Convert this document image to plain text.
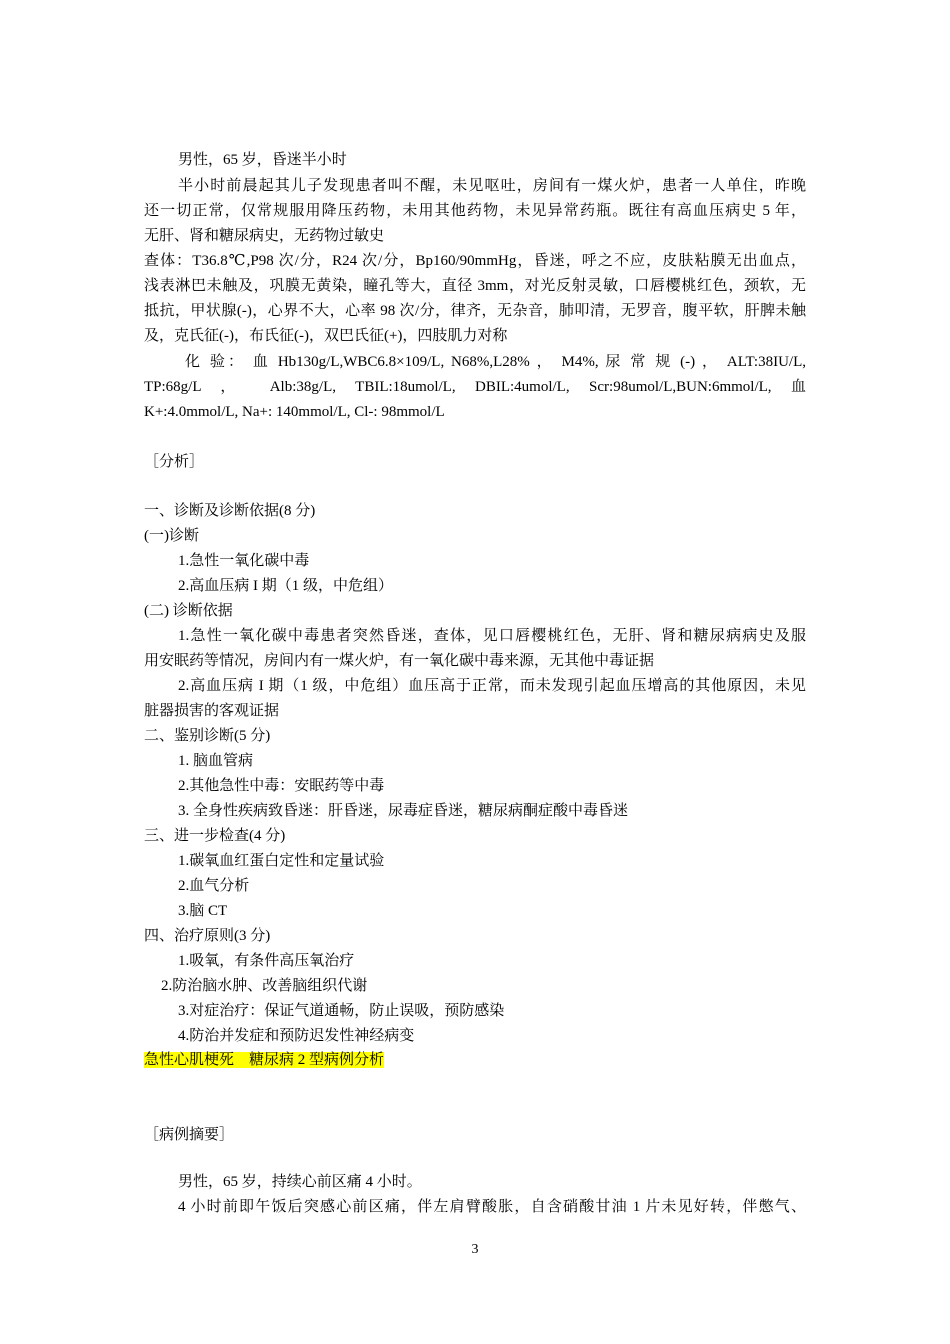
男性，65 岁，昏迷半小时
半小时前晨起其儿子发现患者叫不醒，未见呕吐，房间有一煤火炉，患者一人单住，昨晚
还一切正常，仅常规服用降压药物，未用其他药物，未见异常药瓶。既往有高血压病史 5 年，
无肝、肾和糖尿病史，无药物过敏史
查体：T36.8℃,P98 次/分，R24 次/分，Bp160/90mmHg，昏迷，呼之不应，皮肤粘膜无出血点，
浅表淋巴未触及，巩膜无黄染，瞳孔等大，直径 3mm，对光反射灵敏，口唇樱桃红色，颈软，无
抵抗，甲状腺(-)，心界不大，心率 98 次/分，律齐，无杂音，肺叩清，无罗音，腹平软，肝脾未触
及，克氏征(-)，布氏征(-)，双巴氏征(+)，四肢肌力对称
化 验： 血 Hb130g/L,WBC6.8×109/L, N68%,L28% ， M4%, 尿 常 规 (-) ， ALT:38IU/L,
TP:68g/L ， Alb:38g/L, TBIL:18umol/L, DBIL:4umol/L, Scr:98umol/L,BUN:6mmol/L, 血
K+:4.0mmol/L, Na+: 140mmol/L, Cl-: 98mmol/L
［分析］
一、诊断及诊断依据(8 分)
(一)诊断
1.急性一氧化碳中毒
2.高血压病 I 期（1 级，中危组）
(二) 诊断依据
1.急性一氧化碳中毒患者突然昏迷，查体，见口唇樱桃红色，无肝、肾和糖尿病病史及服
用安眠药等情况，房间内有一煤火炉，有一氧化碳中毒来源，无其他中毒证据
2.高血压病 I 期（1 级，中危组）血压高于正常，而未发现引起血压增高的其他原因，未见
脏器损害的客观证据
二、鉴别诊断(5 分)
1. 脑血管病
2.其他急性中毒：安眠药等中毒
3. 全身性疾病致昏迷：肝昏迷，尿毒症昏迷，糖尿病酮症酸中毒昏迷
三、进一步检查(4 分)
1.碳氧血红蛋白定性和定量试验
2.血气分析
3.脑 CT
四、治疗原则(3 分)
1.吸氧，有条件高压氧治疗
2.防治脑水肿、改善脑组织代谢
3.对症治疗：保证气道通畅，防止误吸，预防感染
4.防治并发症和预防迟发性神经病变
急性心肌梗死　糖尿病 2 型病例分析
［病例摘要］
男性，65 岁，持续心前区痛 4 小时。
4 小时前即午饭后突感心前区痛，伴左肩臂酸胀，自含硝酸甘油 1 片未见好转，伴憋气、
3
